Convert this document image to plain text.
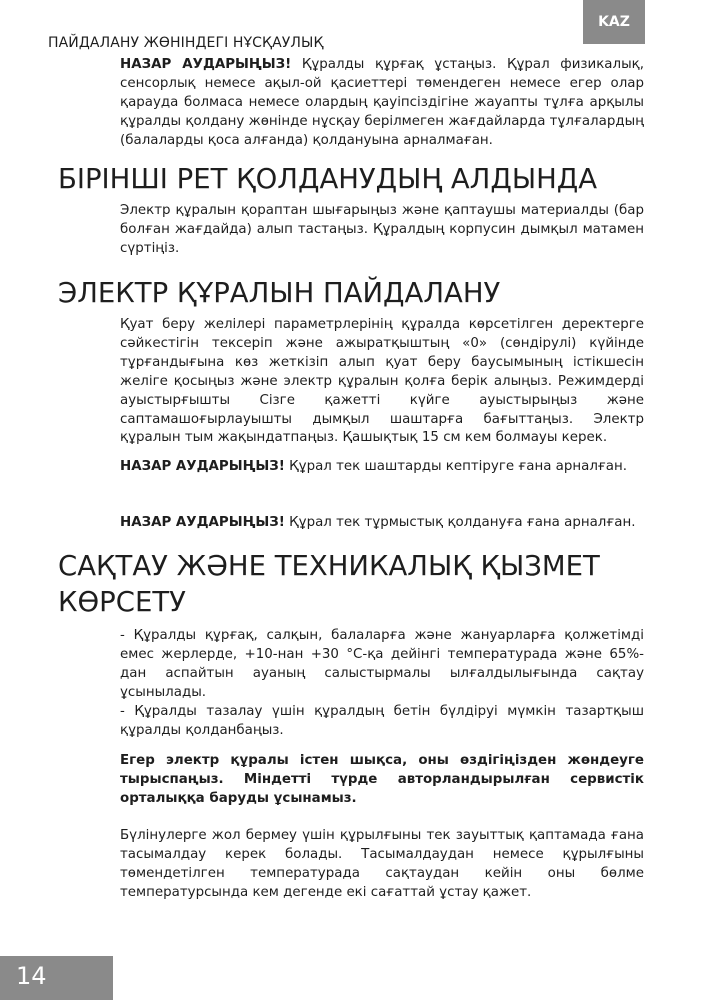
KAZ
ПАЙДАЛАНУ ЖӨНІНДЕГІ НҰСҚАУЛЫҚ

НАЗАР АУДАРЫҢЫЗ! Құралды құрғақ ұстаңыз. Құрал физикалық, сенсорлық немесе ақыл-ой қасиеттері төмендеген немесе егер олар қарауда болмаса немесе олардың қауіпсіздігіне жауапты тұлға арқылы құралды қолдану жөнінде нұсқау берілмеген жағдайларда тұлғалардың (балаларды қоса алғанда) қолдануына арналмаған.

БІРІНШІ РЕТ ҚОЛДАНУДЫҢ АЛДЫНДА

Электр құралын қораптан шығарыңыз және қаптаушы материалды (бар болған жағдайда) алып тастаңыз. Құралдың корпусин дымқыл матамен сүртіңіз.

ЭЛЕКТР ҚҰРАЛЫН ПАЙДАЛАНУ

Қуат беру желілері параметрлерінің құралда көрсетілген деректерге сәйкестігін тексеріп және ажыратқыштың «0» (сөндірулі) күйінде тұрғандығына көз жеткізіп алып қуат беру баусымының істікшесін желіге қосыңыз және электр құралын қолға берік алыңыз. Режимдерді ауыстырғышты Сізге қажетті күйге ауыстырыңыз және саптамашоғырлауышты дымқыл шаштарға бағыттаңыз. Электр құралын тым жақындатпаңыз. Қашықтық 15 см кем болмауы керек.

НАЗАР АУДАРЫҢЫЗ! Құрал тек шаштарды кептіруге ғана арналған.

НАЗАР АУДАРЫҢЫЗ! Құрал тек тұрмыстық қолдануға ғана арналған.

САҚТАУ ЖӘНЕ ТЕХНИКАЛЫҚ ҚЫЗМЕТ
КӨРСЕТУ

- Құралды құрғақ, салқын, балаларға және жануарларға қолжетімді емес жерлерде, +10-нан +30 °С-қа дейінгі температурада және 65%-дан аспайтын ауаның салыстырмалы ылғалдылығында сақтау ұсынылады.

- Құралды тазалау үшін құралдың бетін бүлдіруі мүмкін тазартқыш құралды қолданбаңыз.

Егер электр құралы істен шықса, оны өздігіңізден жөндеуге тырыспаңыз. Міндетті түрде авторландырылған сервистік орталыққа баруды ұсынамыз.

Бүлінулерге жол бермеу үшін құрылғыны тек зауыттық қаптамада ғана тасымалдау керек болады. Тасымалдаудан немесе құрылғыны төмендетілген температурада сақтаудан кейін оны бөлме температурсында кем дегенде екі сағаттай ұстау қажет.

14
